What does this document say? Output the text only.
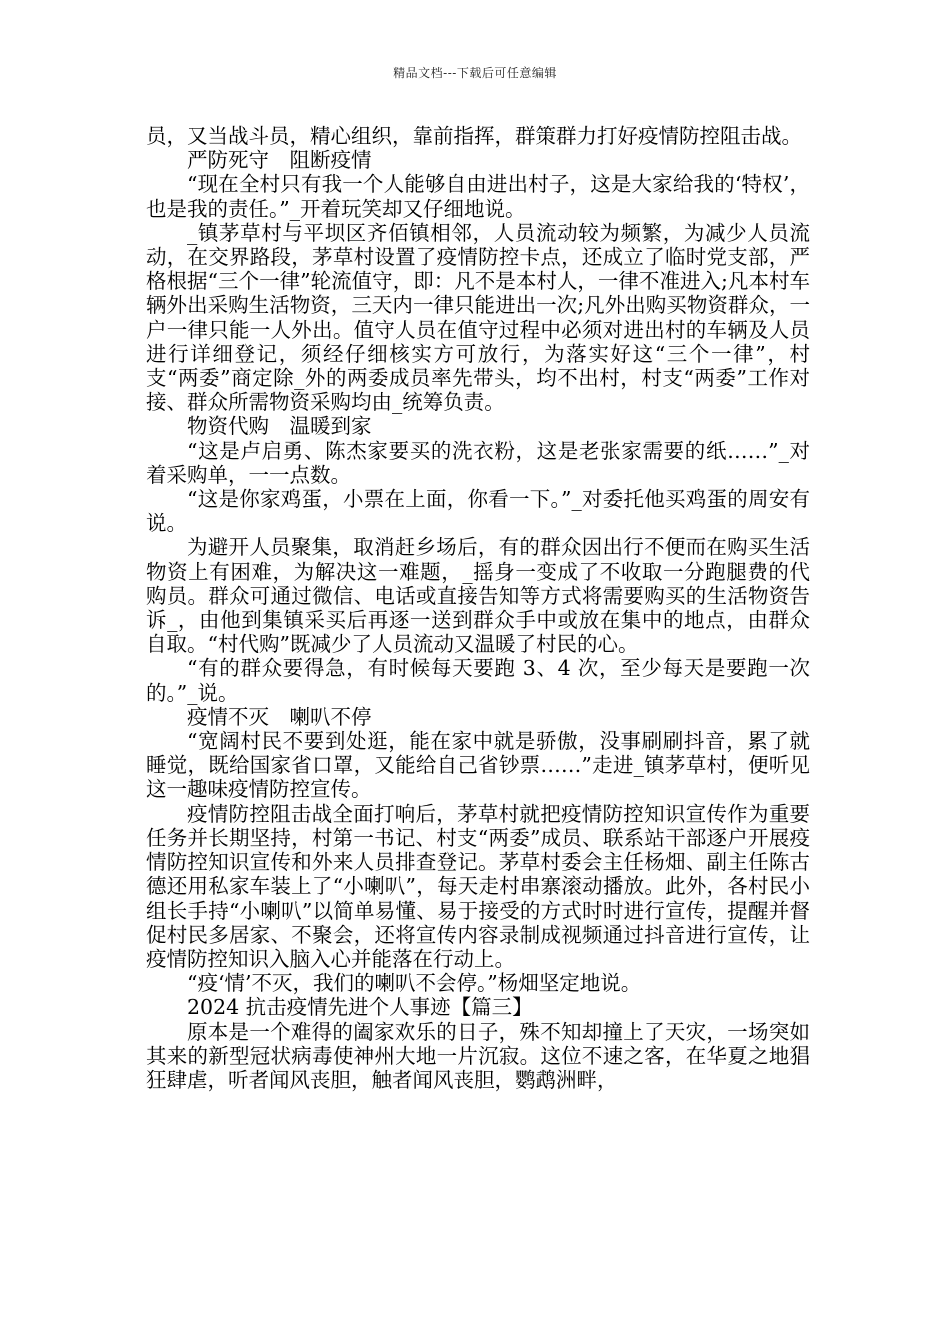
精品文档---下载后可任意编辑

员，又当战斗员，精心组织，靠前指挥，群策群力打好疫情防控阻击战。

严防死守　阻断疫情

“现在全村只有我一个人能够自由进出村子，这是大家给我的‘特权’，也是我的责任。”_开着玩笑却又仔细地说。

_镇茅草村与平坝区齐佰镇相邻，人员流动较为频繁，为减少人员流动，在交界路段，茅草村设置了疫情防控卡点，还成立了临时党支部，严格根据“三个一律”轮流值守，即：凡不是本村人，一律不准进入;凡本村车辆外出采购生活物资，三天内一律只能进出一次;凡外出购买物资群众，一户一律只能一人外出。值守人员在值守过程中必须对进出村的车辆及人员进行详细登记，须经仔细核实方可放行，为落实好这“三个一律”，村支“两委”商定除_外的两委成员率先带头，均不出村，村支“两委”工作对接、群众所需物资采购均由_统筹负责。

物资代购　温暖到家

“这是卢启勇、陈杰家要买的洗衣粉，这是老张家需要的纸……”_对着采购单，一一点数。

“这是你家鸡蛋，小票在上面，你看一下。”_对委托他买鸡蛋的周安有说。

为避开人员聚集，取消赶乡场后，有的群众因出行不便而在购买生活物资上有困难，为解决这一难题，_摇身一变成了不收取一分跑腿费的代购员。群众可通过微信、电话或直接告知等方式将需要购买的生活物资告诉_，由他到集镇采买后再逐一送到群众手中或放在集中的地点，由群众自取。“村代购”既减少了人员流动又温暖了村民的心。

“有的群众要得急，有时候每天要跑 3、4 次，至少每天是要跑一次的。”_说。

疫情不灭　喇叭不停

“宽阔村民不要到处逛，能在家中就是骄傲，没事刷刷抖音，累了就睡觉，既给国家省口罩，又能给自己省钞票……”走进_镇茅草村，便听见这一趣味疫情防控宣传。

疫情防控阻击战全面打响后，茅草村就把疫情防控知识宣传作为重要任务并长期坚持，村第一书记、村支“两委”成员、联系站干部逐户开展疫情防控知识宣传和外来人员排查登记。茅草村委会主任杨畑、副主任陈古德还用私家车装上了“小喇叭”，每天走村串寨滚动播放。此外，各村民小组长手持“小喇叭”以简单易懂、易于接受的方式时时进行宣传，提醒并督促村民多居家、不聚会，还将宣传内容录制成视频通过抖音进行宣传，让疫情防控知识入脑入心并能落在行动上。

“疫‘情’不灭，我们的喇叭不会停。”杨畑坚定地说。

2024 抗击疫情先进个人事迹【篇三】

原本是一个难得的阖家欢乐的日子，殊不知却撞上了天灾，一场突如其来的新型冠状病毒使神州大地一片沉寂。这位不速之客，在华夏之地猖狂肆虐，听者闻风丧胆，触者闻风丧胆，鹦鹉洲畔，
